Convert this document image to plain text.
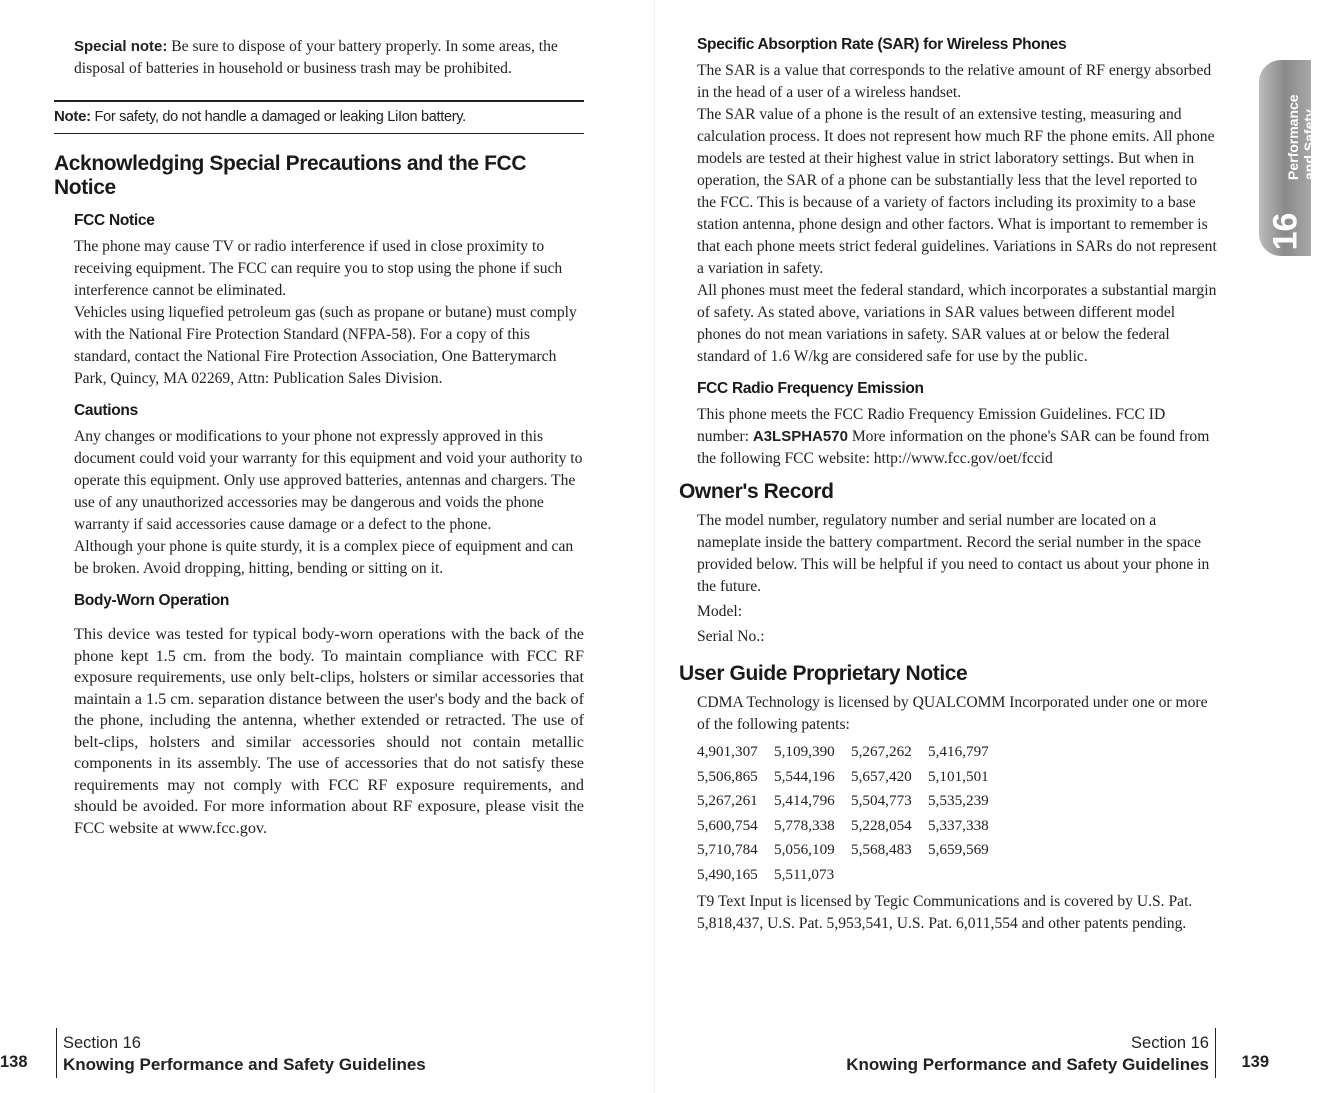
Special note: Be sure to dispose of your battery properly. In some areas, the disposal of batteries in household or business trash may be prohibited.

Note: For safety, do not handle a damaged or leaking LiIon battery.
Acknowledging Special Precautions and the FCC Notice
FCC Notice

The phone may cause TV or radio interference if used in close proximity to receiving equipment. The FCC can require you to stop using the phone if such interference cannot be eliminated.

Vehicles using liquefied petroleum gas (such as propane or butane) must comply with the National Fire Protection Standard (NFPA-58). For a copy of this standard, contact the National Fire Protection Association, One Batterymarch Park, Quincy, MA 02269, Attn: Publication Sales Division.

Cautions

Any changes or modifications to your phone not expressly approved in this document could void your warranty for this equipment and void your authority to operate this equipment. Only use approved batteries, antennas and chargers. The use of any unauthorized accessories may be dangerous and voids the phone warranty if said accessories cause damage or a defect to the phone.

Although your phone is quite sturdy, it is a complex piece of equipment and can be broken. Avoid dropping, hitting, bending or sitting on it.

Body-Worn Operation

This device was tested for typical body-worn operations with the back of the phone kept 1.5 cm. from the body. To maintain compliance with FCC RF exposure requirements, use only belt-clips, holsters or similar accessories that maintain a 1.5 cm. separation distance between the user's body and the back of the phone, including the antenna, whether extended or retracted. The use of belt-clips, holsters and similar accessories should not contain metallic components in its assembly. The use of accessories that do not satisfy these requirements may not comply with FCC RF exposure requirements, and should be avoided. For more information about RF exposure, please visit the FCC website at www.fcc.gov.

Section 16
Knowing Performance and Safety Guidelines
138
Specific Absorption Rate (SAR) for Wireless Phones

The SAR is a value that corresponds to the relative amount of RF energy absorbed in the head of a user of a wireless handset.

The SAR value of a phone is the result of an extensive testing, measuring and calculation process. It does not represent how much RF the phone emits. All phone models are tested at their highest value in strict laboratory settings. But when in operation, the SAR of a phone can be substantially less that the level reported to the FCC. This is because of a variety of factors including its proximity to a base station antenna, phone design and other factors. What is important to remember is that each phone meets strict federal guidelines. Variations in SARs do not represent a variation in safety.

All phones must meet the federal standard, which incorporates a substantial margin of safety. As stated above, variations in SAR values between different model phones do not mean variations in safety. SAR values at or below the federal standard of 1.6 W/kg are considered safe for use by the public.

FCC Radio Frequency Emission

This phone meets the FCC Radio Frequency Emission Guidelines. FCC ID number: A3LSPHA570 More information on the phone's SAR can be found from the following FCC website: http://www.fcc.gov/oet/fccid

Owner's Record

The model number, regulatory number and serial number are located on a nameplate inside the battery compartment. Record the serial number in the space provided below. This will be helpful if you need to contact us about your phone in the future.

Model:

Serial No.:

User Guide Proprietary Notice

CDMA Technology is licensed by QUALCOMM Incorporated under one or more of the following patents:

4,901,307	5,109,390	5,267,262	5,416,797
5,506,865	5,544,196	5,657,420	5,101,501
5,267,261	5,414,796	5,504,773	5,535,239
5,600,754	5,778,338	5,228,054	5,337,338
5,710,784	5,056,109	5,568,483	5,659,569
5,490,165	5,511,073

T9 Text Input is licensed by Tegic Communications and is covered by U.S. Pat. 5,818,437, U.S. Pat. 5,953,541, U.S. Pat. 6,011,554 and other patents pending.

Performance
and Safety
16
Section 16
Knowing Performance and Safety Guidelines 139
